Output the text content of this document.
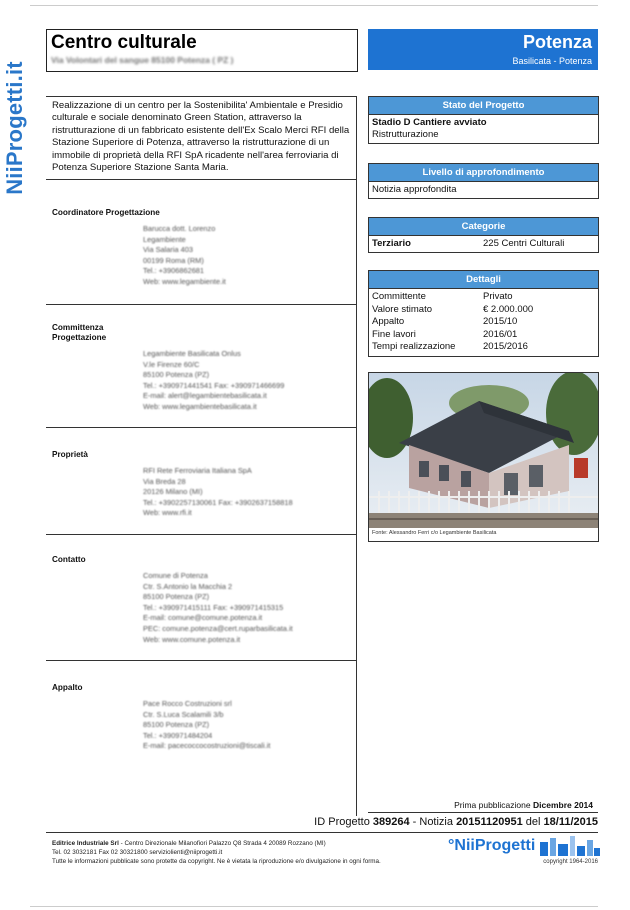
NiiProgetti.it
Centro culturale
Via Volontari del sangue 85100 Potenza ( PZ )
Potenza
Basilicata - Potenza
Realizzazione di un centro per la Sostenibilita' Ambientale e Presidio culturale e sociale denominato Green Station, attraverso la ristrutturazione di un fabbricato esistente dell'Ex Scalo Merci RFI della Stazione Superiore di Potenza, attraverso la ristrutturazione di un immobile di proprietà della RFI SpA ricadente nell'area ferroviaria di Potenza Superiore Stazione Santa Maria.
Coordinatore Progettazione
Barucca dott. Lorenzo
Legambiente
Via Salaria 403
00199 Roma (RM)
Tel.: +3906862681
Web: www.legambiente.it
Committenza Progettazione
Legambiente Basilicata Onlus
V.le Firenze 60/C
85100 Potenza (PZ)
Tel.: +390971441541 Fax: +390971466699
E-mail: alert@legambientebasilicata.it
Web: www.legambientebasilicata.it
Proprietà
RFI Rete Ferroviaria Italiana SpA
Via Breda 28
20126 Milano (MI)
Tel.: +3902257130061 Fax: +3902637158818
Web: www.rfi.it
Contatto
Comune di Potenza
Ctr. S.Antonio la Macchia 2
85100 Potenza (PZ)
Tel.: +390971415111 Fax: +390971415315
E-mail: comune@comune.potenza.it
PEC: comune.potenza@cert.ruparbasilicata.it
Web: www.comune.potenza.it
Appalto
Pace Rocco Costruzioni srl
Ctr. S.Luca Scalamili 3/b
85100 Potenza (PZ)
Tel.: +390971484204
E-mail: pacecoccocostruzioni@tiscali.it
Stato del Progetto
Stadio D Cantiere avviato
Ristrutturazione
Livello di approfondimento
Notizia approfondita
Categorie
Terziario	225 Centri Culturali
Dettagli
Committente	Privato
Valore stimato	€ 2.000.000
Appalto	2015/10
Fine lavori	2016/01
Tempi realizzazione	2015/2016
Fonte: Alessandro Ferri c/o Legambiente Basilicata
Prima pubblicazione Dicembre 2014
ID Progetto 389264 - Notizia 20151120951 del 18/11/2015
Editrice Industriale Srl - Centro Direzionale Milanofiori Palazzo Q8 Strada 4 20089 Rozzano (MI)
Tel. 02 3032181 Fax 02 30321800 serviziolienti@niiprogetti.it
Tutte le informazioni pubblicate sono protette da copyright. Ne è vietata la riproduzione e/o divulgazione in ogni forma.
°NiiProgetti
copyright 1964-2016
